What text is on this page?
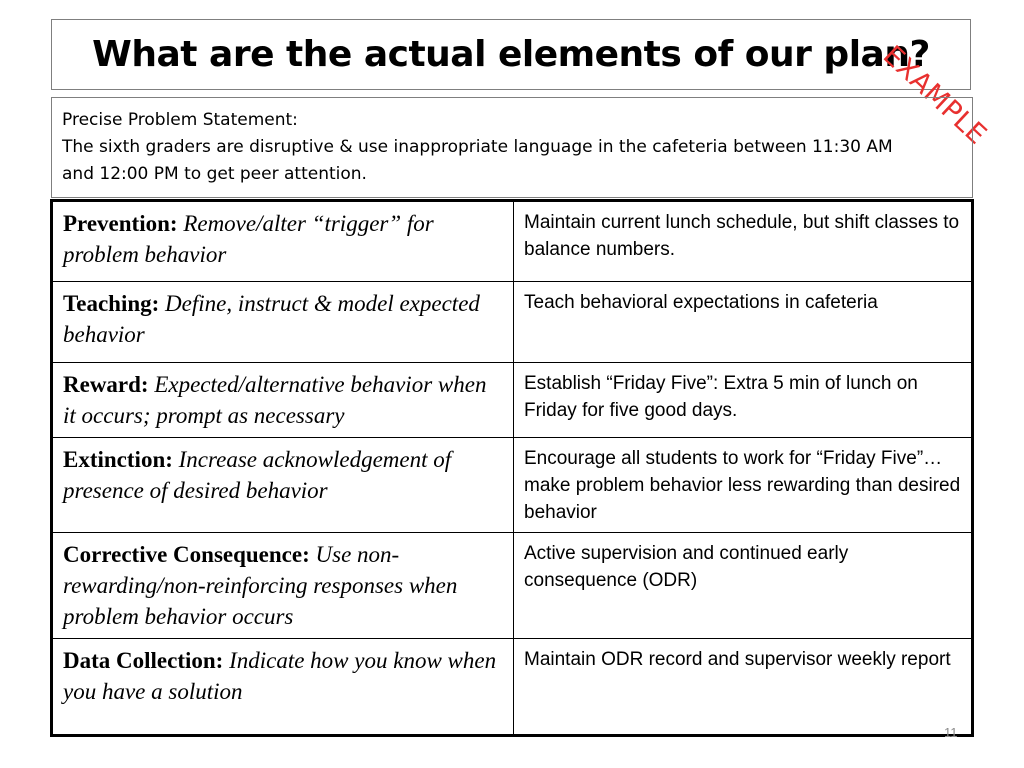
What are the actual elements of our plan?
EXAMPLE

Precise Problem Statement:

The sixth graders are disruptive & use inappropriate language in the cafeteria between 11:30 AM

and 12:00 PM to get peer attention.

Prevention: Remove/alter “trigger” for problem behavior	Maintain current lunch schedule, but shift classes to balance numbers.
Teaching: Define, instruct & model expected behavior	Teach behavioral expectations in cafeteria
Reward: Expected/alternative behavior when it occurs; prompt as necessary	Establish “Friday Five”: Extra 5 min of lunch on Friday for five good days.
Extinction: Increase acknowledgement of presence of desired behavior	Encourage all students to work for “Friday Five”… make problem behavior less rewarding than desired behavior
Corrective Consequence: Use non-rewarding/non-reinforcing responses when problem behavior occurs	Active supervision and continued early consequence (ODR)
Data Collection: Indicate how you know when you have a solution	Maintain ODR record and supervisor weekly report
11
